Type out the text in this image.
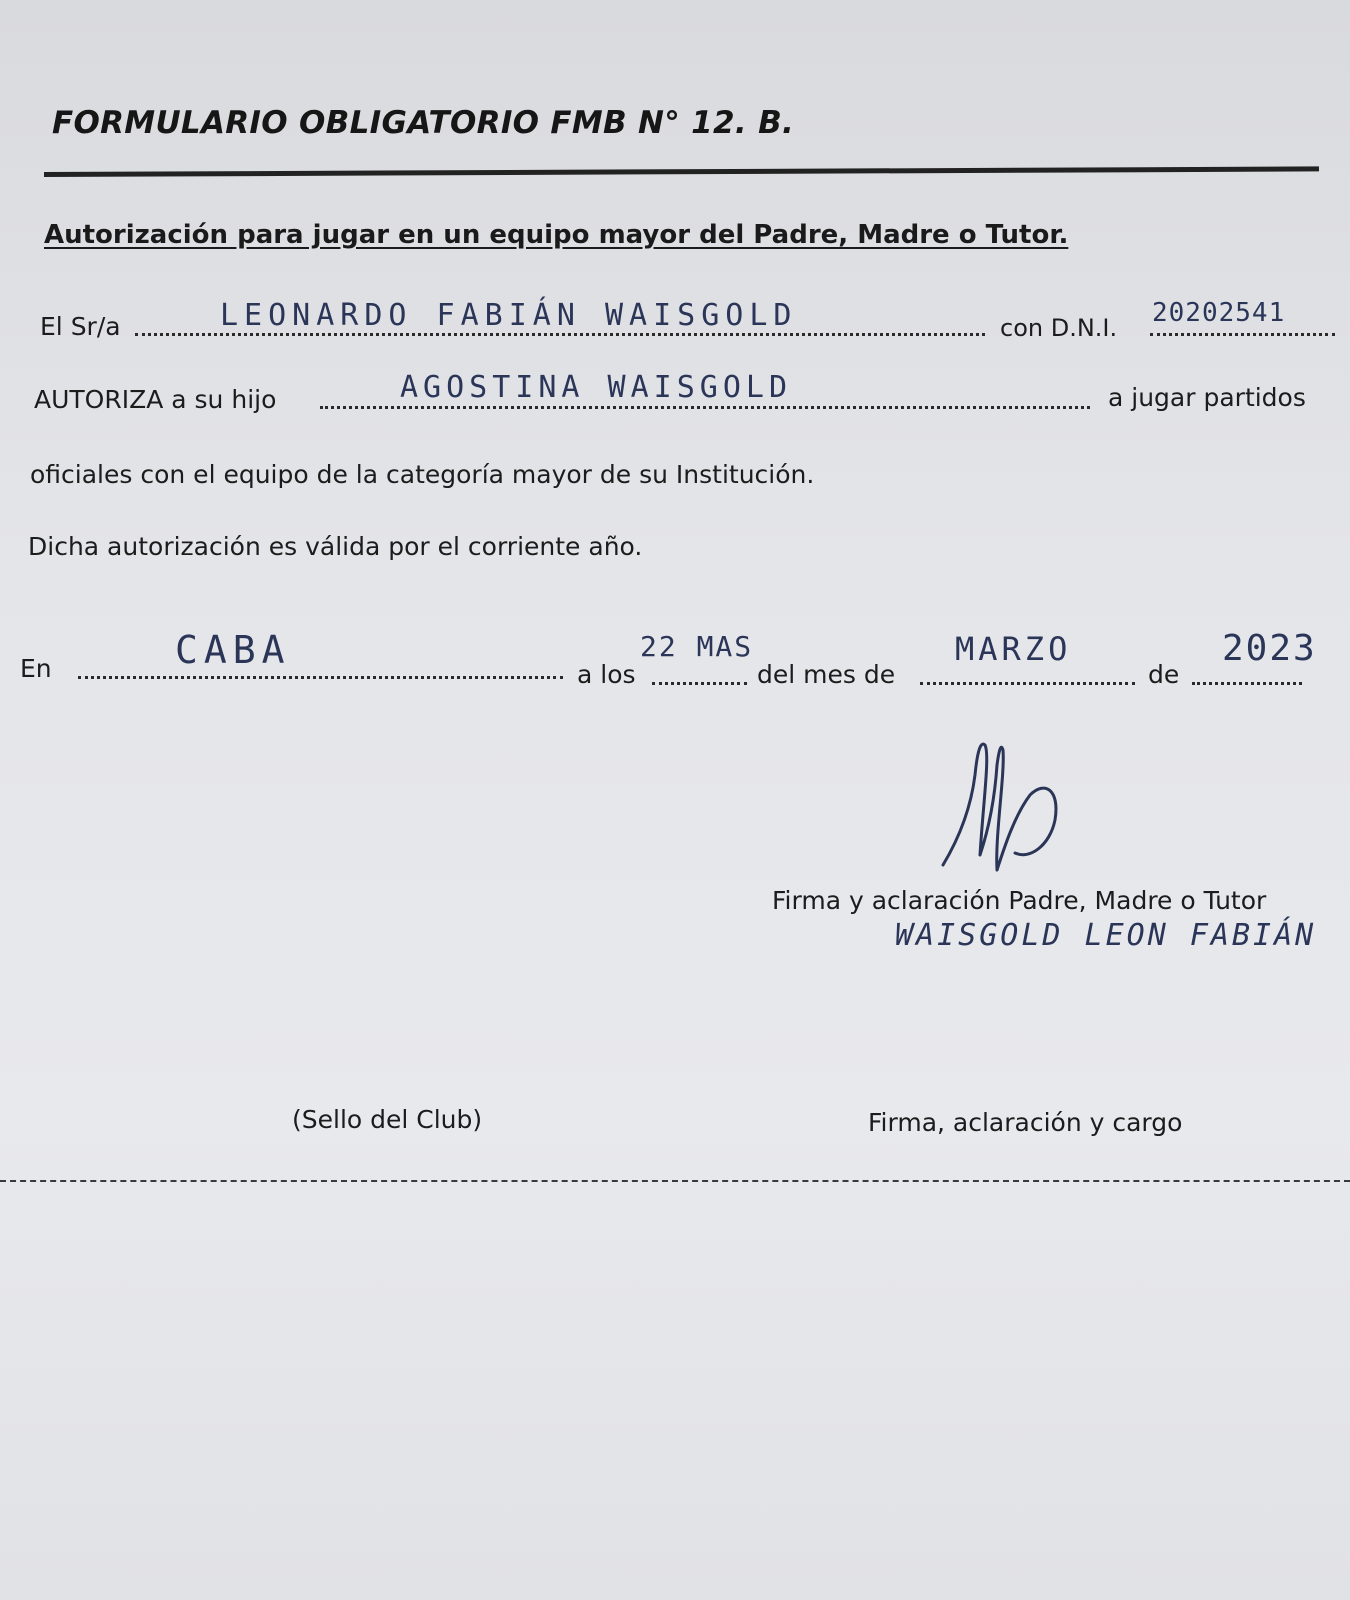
FORMULARIO OBLIGATORIO FMB N° 12. B.
Autorización para jugar en un equipo mayor del Padre, Madre o Tutor.
El Sr/a	LEONARDO FABIÁN WAISGOLD	con D.N.I. 20202541
AUTORIZA a su hijo	AGOSTINA WAISGOLD	a jugar partidos
oficiales con el equipo de la categoría mayor de su Institución.
Dicha autorización es válida por el corriente año.
En	CABA
a los
22 MAS
del mes de
MARZO
de
2023
Firma y aclaración Padre, Madre o Tutor
WAISGOLD LEON FABIÁN
(Sello del Club)	Firma, aclaración y cargo
